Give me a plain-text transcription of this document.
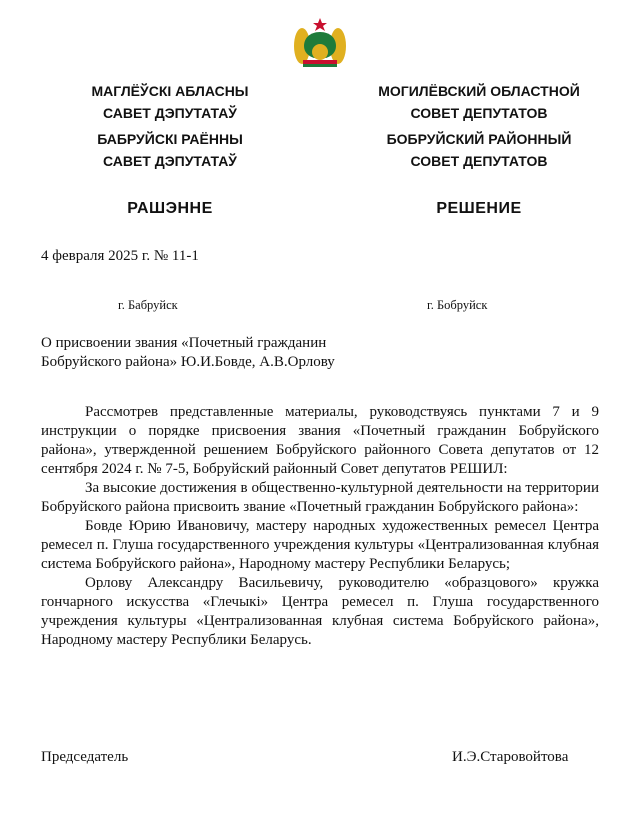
МАГЛЁЎСКІ АБЛАСНЫ
САВЕТ ДЭПУТАТАЎ
БАБРУЙСКІ РАЁННЫ
САВЕТ ДЭПУТАТАЎ
РАШЭННЕ
МОГИЛЁВСКИЙ ОБЛАСТНОЙ
СОВЕТ ДЕПУТАТОВ
БОБРУЙСКИЙ РАЙОННЫЙ
СОВЕТ ДЕПУТАТОВ
РЕШЕНИЕ
4 февраля 2025 г. № 11-1
г. Бабруйск	г. Бобруйск
О присвоении звания «Почетный гражданин
Бобруйского района» Ю.И.Бовде, А.В.Орлову

Рассмотрев представленные материалы, руководствуясь пунктами 7 и 9 инструкции о порядке присвоения звания «Почетный гражданин Бобруйского района», утвержденной решением Бобруйского районного Совета депутатов от 12 сентября 2024 г. № 7-5, Бобруйский районный Совет депутатов РЕШИЛ:

За высокие достижения в общественно-культурной деятельности на территории Бобруйского района присвоить звание «Почетный гражданин Бобруйского района»:

Бовде Юрию Ивановичу, мастеру народных художественных ремесел Центра ремесел п. Глуша государственного учреждения культуры «Централизованная клубная система Бобруйского района», Народному мастеру Республики Беларусь;

Орлову Александру Васильевичу, руководителю «образцового» кружка гончарного искусства «Глечыкі» Центра ремесел п. Глуша государственного учреждения культуры «Централизованная клубная система Бобруйского района», Народному мастеру Республики Беларусь.

Председатель	И.Э.Старовойтова
